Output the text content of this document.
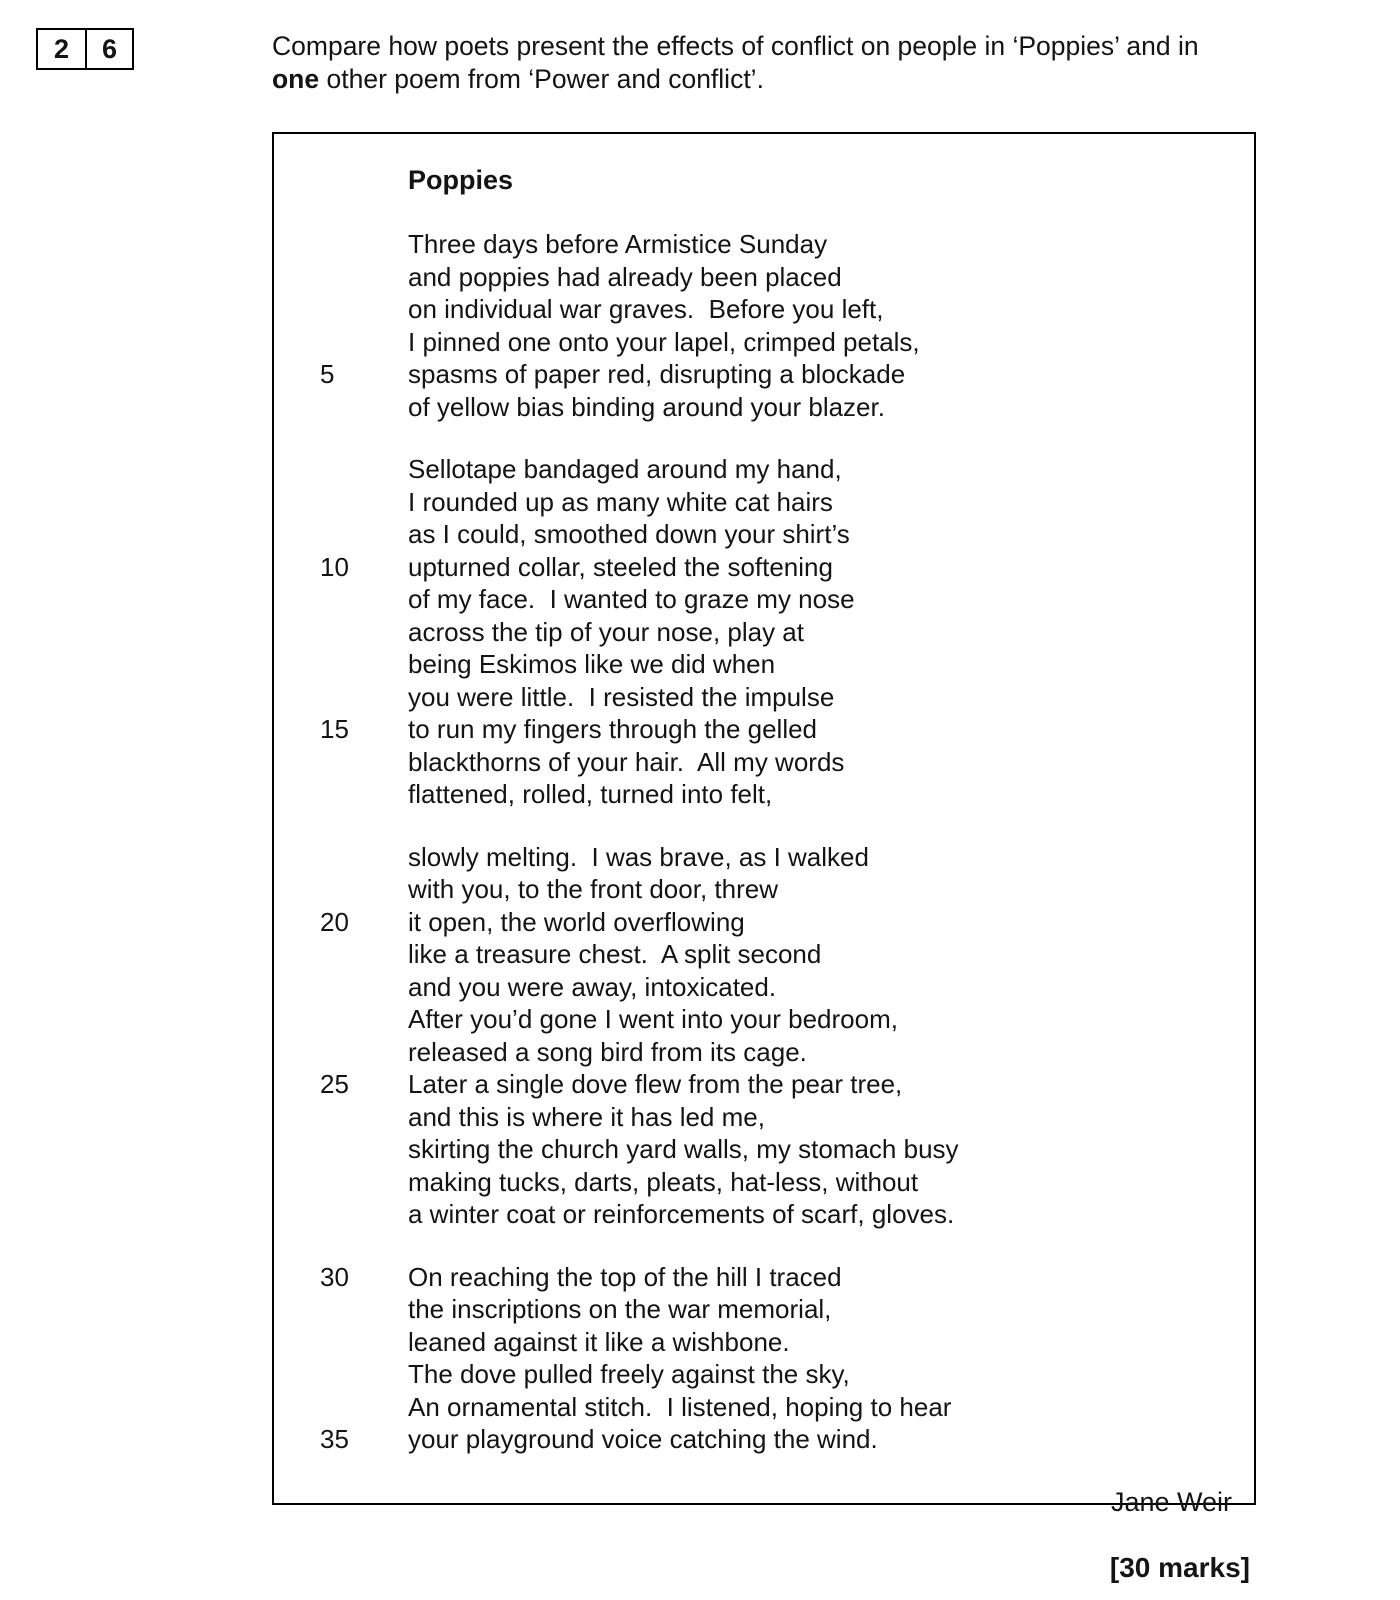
2	6	Compare how poets present the effects of conflict on people in ‘Poppies’ and in
one other poem from ‘Power and conflict’.

Poppies
Three days before Armistice Sunday
and poppies had already been placed
on individual war graves.  Before you left,
I pinned one onto your lapel, crimped petals,
5	spasms of paper red, disrupting a blockade
of yellow bias binding around your blazer.
Sellotape bandaged around my hand,
I rounded up as many white cat hairs
as I could, smoothed down your shirt’s
10	upturned collar, steeled the softening
of my face.  I wanted to graze my nose
across the tip of your nose, play at
being Eskimos like we did when
you were little.  I resisted the impulse
15	to run my fingers through the gelled
blackthorns of your hair.  All my words
flattened, rolled, turned into felt,
slowly melting.  I was brave, as I walked
with you, to the front door, threw
20	it open, the world overflowing
like a treasure chest.  A split second
and you were away, intoxicated.
After you’d gone I went into your bedroom,
released a song bird from its cage.
25	Later a single dove flew from the pear tree,
and this is where it has led me,
skirting the church yard walls, my stomach busy
making tucks, darts, pleats, hat-less, without
a winter coat or reinforcements of scarf, gloves.
30	On reaching the top of the hill I traced
the inscriptions on the war memorial,
leaned against it like a wishbone.
The dove pulled freely against the sky,
An ornamental stitch.  I listened, hoping to hear
35	your playground voice catching the wind.
Jane Weir
[30 marks]
